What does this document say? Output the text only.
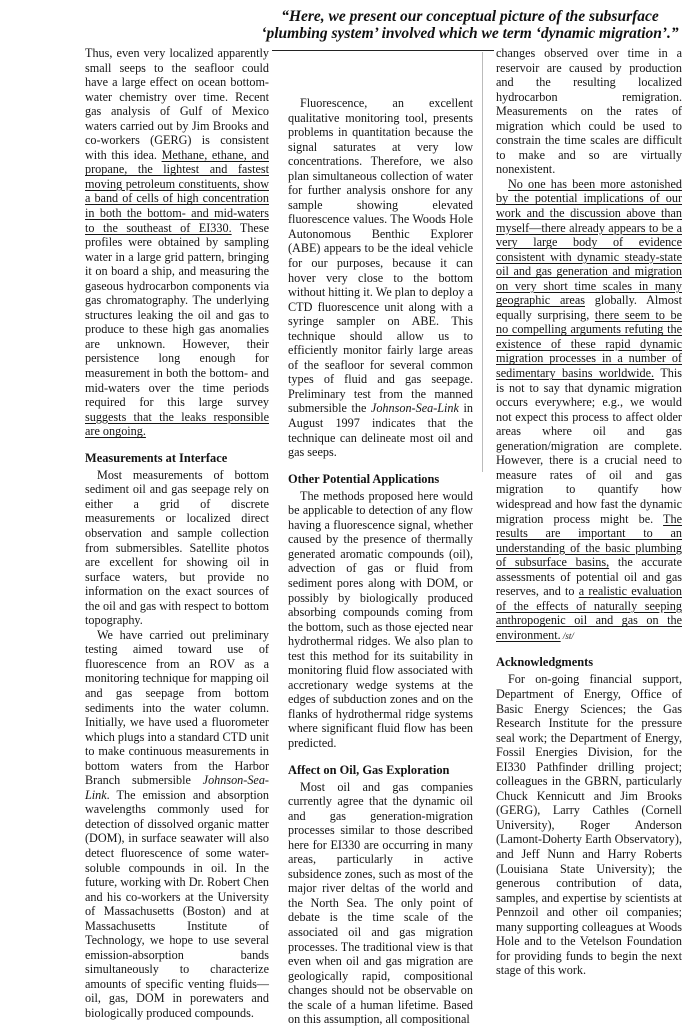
“Here, we present our conceptual picture of the subsurface ‘plumbing system’ involved which we term ‘dynamic migration’.”

Thus, even very localized apparently small seeps to the seafloor could have a large effect on ocean bottom-water chemistry over time. Recent gas analysis of Gulf of Mexico waters carried out by Jim Brooks and co-workers (GERG) is consistent with this idea. Methane, ethane, and propane, the lightest and fastest moving petroleum constituents, show a band of cells of high concentration in both the bottom- and mid-waters to the southeast of EI330. These profiles were obtained by sampling water in a large grid pattern, bringing it on board a ship, and measuring the gaseous hydrocarbon components via gas chromatography. The underlying structures leaking the oil and gas to produce to these high gas anomalies are unknown. However, their persistence long enough for measurement in both the bottom- and mid-waters over the time periods required for this large survey suggests that the leaks responsible are ongoing.

Measurements at Interface

Most measurements of bottom sediment oil and gas seepage rely on either a grid of discrete measurements or localized direct observation and sample collection from submersibles. Satellite photos are excellent for showing oil in surface waters, but provide no information on the exact sources of the oil and gas with respect to bottom topography.

We have carried out preliminary testing aimed toward use of fluorescence from an ROV as a monitoring technique for mapping oil and gas seepage from bottom sediments into the water column. Initially, we have used a fluorometer which plugs into a standard CTD unit to make continuous measurements in bottom waters from the Harbor Branch submersible Johnson-Sea-Link. The emission and absorption wavelengths commonly used for detection of dissolved organic matter (DOM), in surface seawater will also detect fluorescence of some water-soluble compounds in oil. In the future, working with Dr. Robert Chen and his co-workers at the University of Massachusetts (Boston) and at Massachusetts Institute of Technology, we hope to use several emission-absorption bands simultaneously to characterize amounts of specific venting fluids—oil, gas, DOM in porewaters and biologically produced compounds.

Fluorescence, an excellent qualitative monitoring tool, presents problems in quantitation because the signal saturates at very low concentrations. Therefore, we also plan simultaneous collection of water for further analysis onshore for any sample showing elevated fluorescence values. The Woods Hole Autonomous Benthic Explorer (ABE) appears to be the ideal vehicle for our purposes, because it can hover very close to the bottom without hitting it. We plan to deploy a CTD fluorescence unit along with a syringe sampler on ABE. This technique should allow us to efficiently monitor fairly large areas of the seafloor for several common types of fluid and gas seepage. Preliminary test from the manned submersible the Johnson-Sea-Link in August 1997 indicates that the technique can delineate most oil and gas seeps.

Other Potential Applications

The methods proposed here would be applicable to detection of any flow having a fluorescence signal, whether caused by the presence of thermally generated aromatic compounds (oil), advection of gas or fluid from sediment pores along with DOM, or possibly by biologically produced absorbing compounds coming from the bottom, such as those ejected near hydrothermal ridges. We also plan to test this method for its suitability in monitoring fluid flow associated with accretionary wedge systems at the edges of subduction zones and on the flanks of hydrothermal ridge systems where significant fluid flow has been predicted.

Affect on Oil, Gas Exploration

Most oil and gas companies currently agree that the dynamic oil and gas generation-migration processes similar to those described here for EI330 are occurring in many areas, particularly in active subsidence zones, such as most of the major river deltas of the world and the North Sea. The only point of debate is the time scale of the associated oil and gas migration processes. The traditional view is that even when oil and gas migration are geologically rapid, compositional changes should not be observable on the scale of a human lifetime. Based on this assumption, all compositional

changes observed over time in a reservoir are caused by production and the resulting localized hydrocarbon remigration. Measurements on the rates of migration which could be used to constrain the time scales are difficult to make and so are virtually nonexistent.

No one has been more astonished by the potential implications of our work and the discussion above than myself—there already appears to be a very large body of evidence consistent with dynamic steady-state oil and gas generation and migration on very short time scales in many geographic areas globally. Almost equally surprising, there seem to be no compelling arguments refuting the existence of these rapid dynamic migration processes in a number of sedimentary basins worldwide. This is not to say that dynamic migration occurs everywhere; e.g., we would not expect this process to affect older areas where oil and gas generation/migration are complete. However, there is a crucial need to measure rates of oil and gas migration to quantify how widespread and how fast the dynamic migration process might be. The results are important to an understanding of the basic plumbing of subsurface basins, the accurate assessments of potential oil and gas reserves, and to a realistic evaluation of the effects of naturally seeping anthropogenic oil and gas on the environment. /st/

Acknowledgments

For on-going financial support, Department of Energy, Office of Basic Energy Sciences; the Gas Research Institute for the pressure seal work; the Department of Energy, Fossil Energies Division, for the EI330 Pathfinder drilling project; colleagues in the GBRN, particularly Chuck Kennicutt and Jim Brooks (GERG), Larry Cathles (Cornell University), Roger Anderson (Lamont-Doherty Earth Observatory), and Jeff Nunn and Harry Roberts (Louisiana State University); the generous contribution of data, samples, and expertise by scientists at Pennzoil and other oil companies; many supporting colleagues at Woods Hole and to the Vetelson Foundation for providing funds to begin the next stage of this work.
